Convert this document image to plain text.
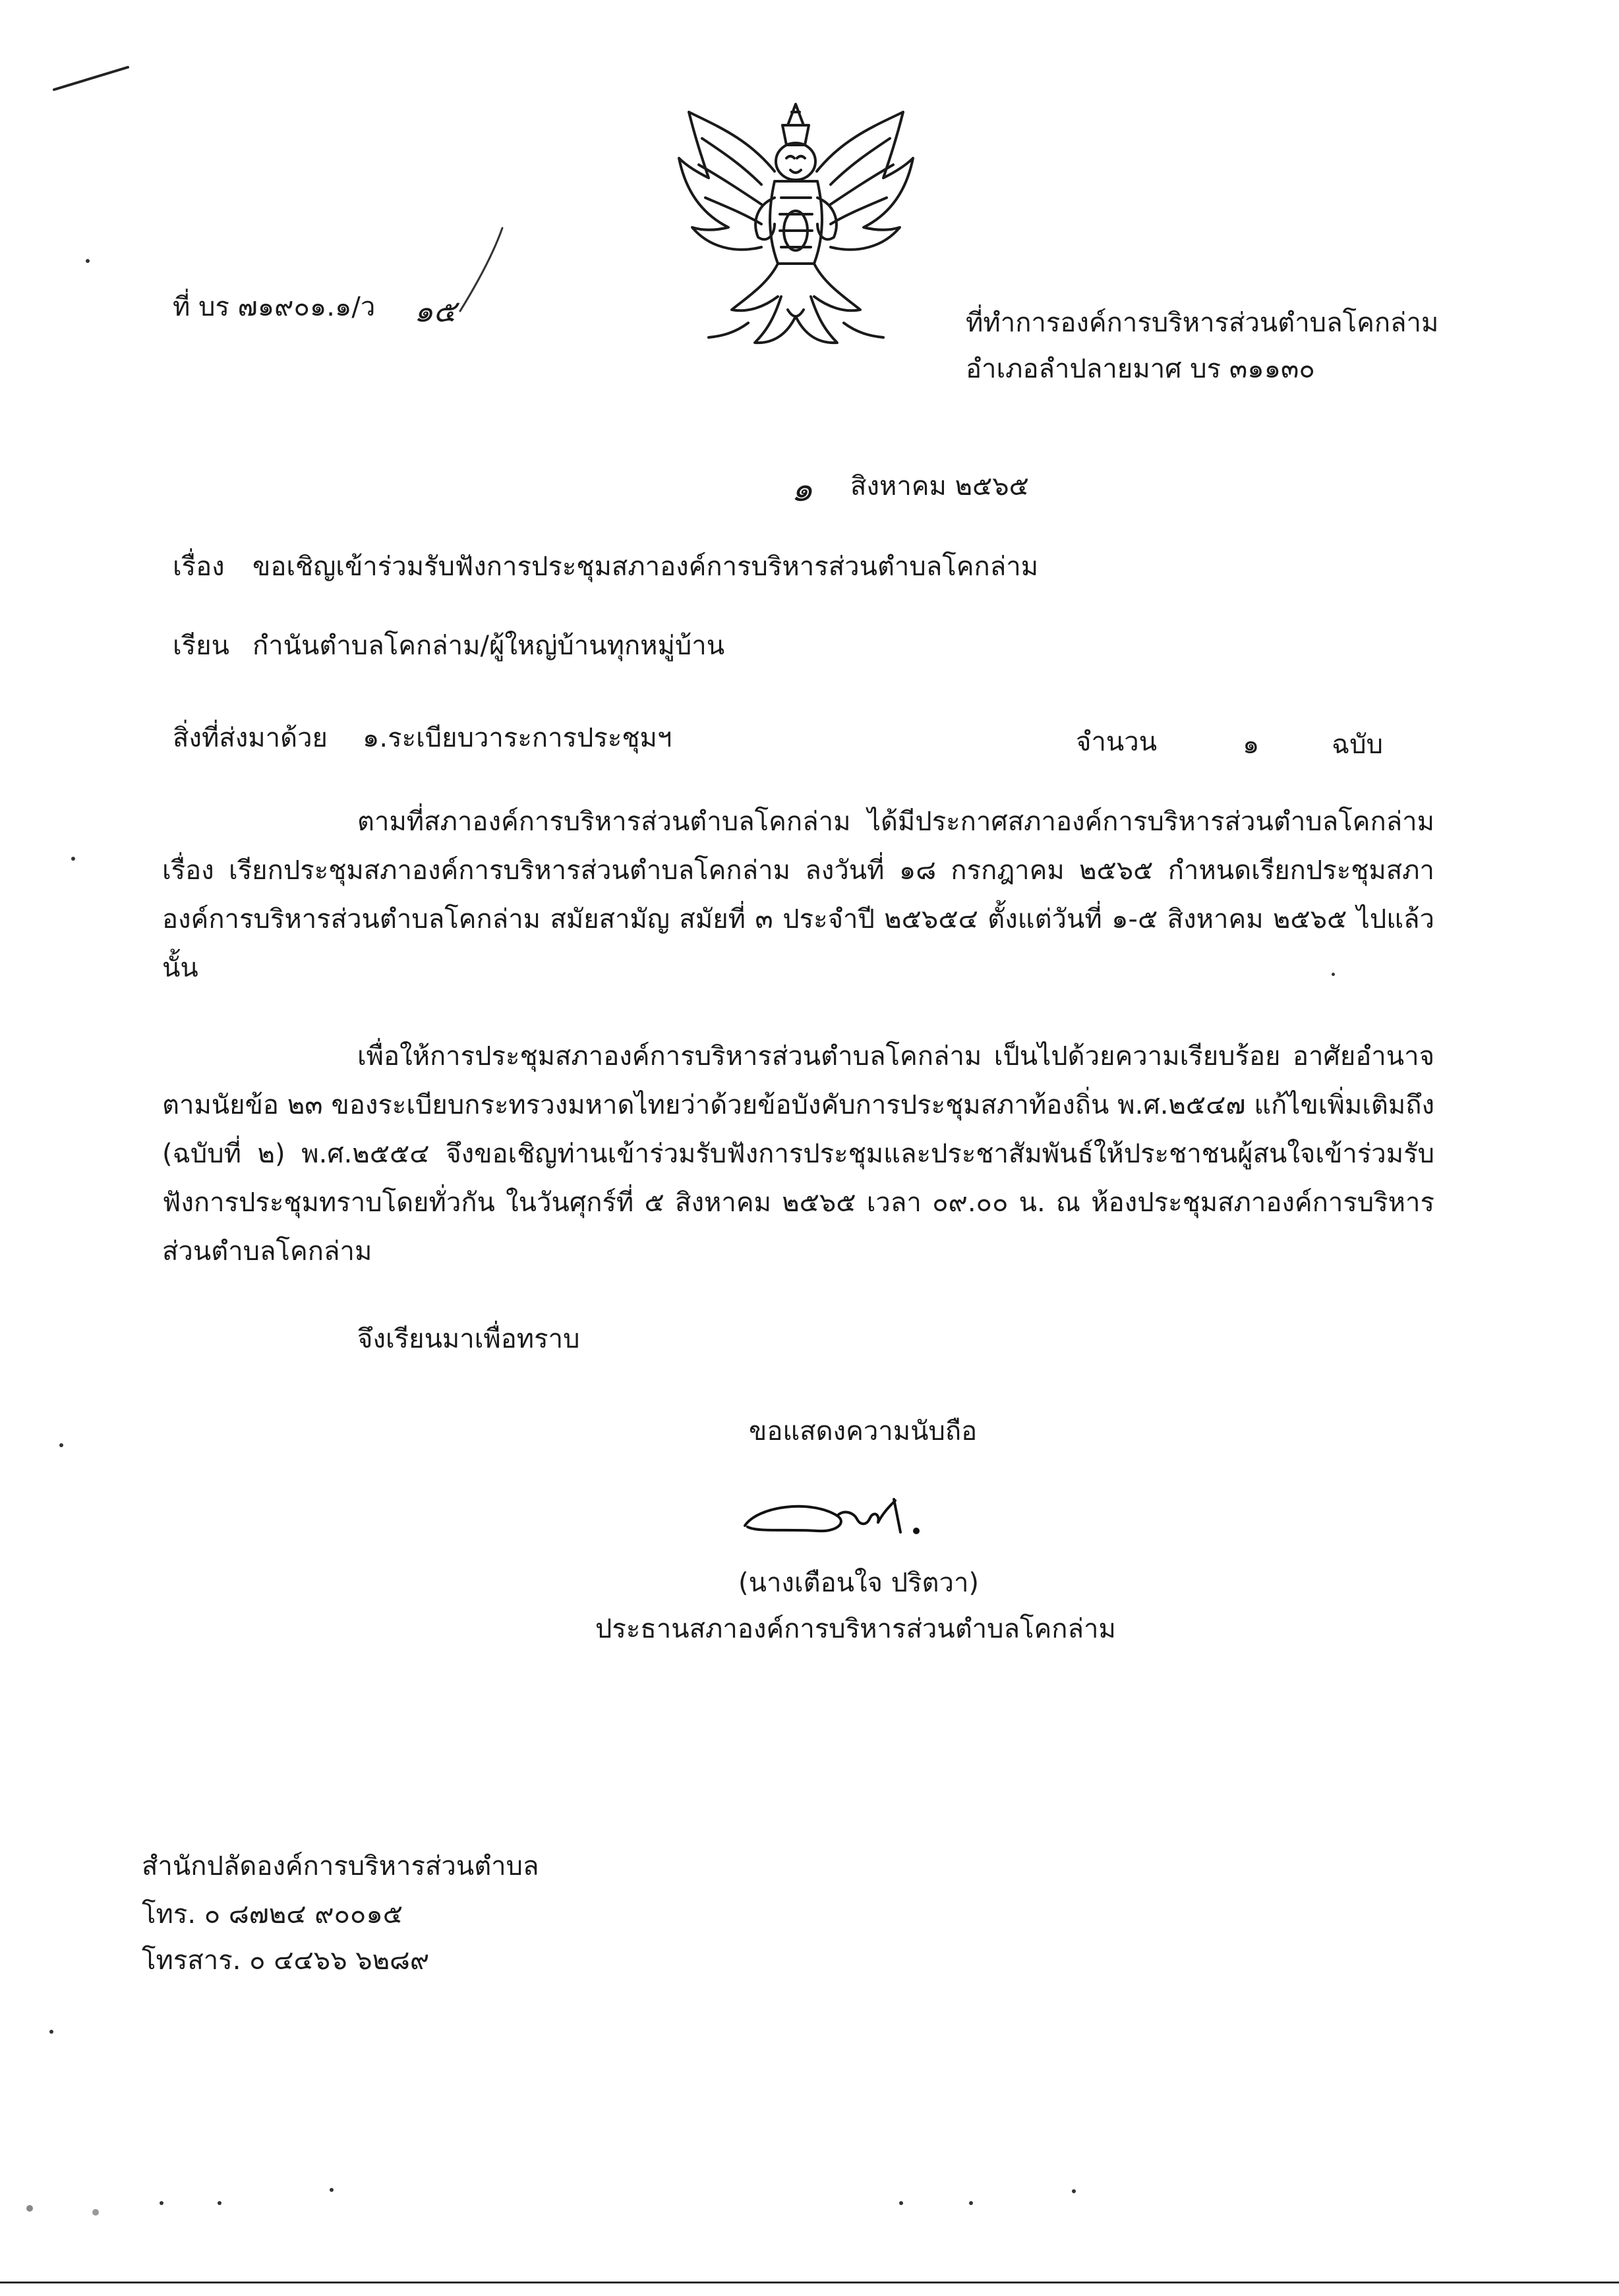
ที่ บร ๗๑๙๐๑.๑/ว ๑๕	ที่ทำการองค์การบริหารส่วนตำบลโคกล่าม
อำเภอลำปลายมาศ บร ๓๑๑๓๐
๑ สิงหาคม ๒๕๖๕
เรื่อง ขอเชิญเข้าร่วมรับฟังการประชุมสภาองค์การบริหารส่วนตำบลโคกล่าม
เรียน กำนันตำบลโคกล่าม/ผู้ใหญ่บ้านทุกหมู่บ้าน
สิ่งที่ส่งมาด้วย ๑.ระเบียบวาระการประชุมฯ	จำนวน	๑	ฉบับ
ตามที่สภาองค์การบริหารส่วนตำบลโคกล่าม ได้มีประกาศสภาองค์การบริหารส่วนตำบลโคกล่าม เรื่อง เรียกประชุมสภาองค์การบริหารส่วนตำบลโคกล่าม ลงวันที่ ๑๘ กรกฎาคม ๒๕๖๕ กำหนดเรียกประชุมสภาองค์การบริหารส่วนตำบลโคกล่าม สมัยสามัญ สมัยที่ ๓ ประจำปี ๒๕๖๕๔ ตั้งแต่วันที่ ๑-๕ สิงหาคม ๒๕๖๕ ไปแล้ว นั้น
เพื่อให้การประชุมสภาองค์การบริหารส่วนตำบลโคกล่าม เป็นไปด้วยความเรียบร้อย อาศัยอำนาจตามนัยข้อ ๒๓ ของระเบียบกระทรวงมหาดไทยว่าด้วยข้อบังคับการประชุมสภาท้องถิ่น พ.ศ.๒๕๔๗ แก้ไขเพิ่มเติมถึง (ฉบับที่ ๒) พ.ศ.๒๕๕๔ จึงขอเชิญท่านเข้าร่วมรับฟังการประชุมและประชาสัมพันธ์ให้ประชาชนผู้สนใจเข้าร่วมรับฟังการประชุมทราบโดยทั่วกัน ในวันศุกร์ที่ ๕ สิงหาคม ๒๕๖๕ เวลา ๐๙.๐๐ น. ณ ห้องประชุมสภาองค์การบริหารส่วนตำบลโคกล่าม
จึงเรียนมาเพื่อทราบ
ขอแสดงความนับถือ
(นางเตือนใจ ปริตวา)
ประธานสภาองค์การบริหารส่วนตำบลโคกล่าม
สำนักปลัดองค์การบริหารส่วนตำบล
โทร. ๐ ๘๗๒๔ ๙๐๐๑๕
โทรสาร. ๐ ๔๔๖๖ ๖๒๘๙
